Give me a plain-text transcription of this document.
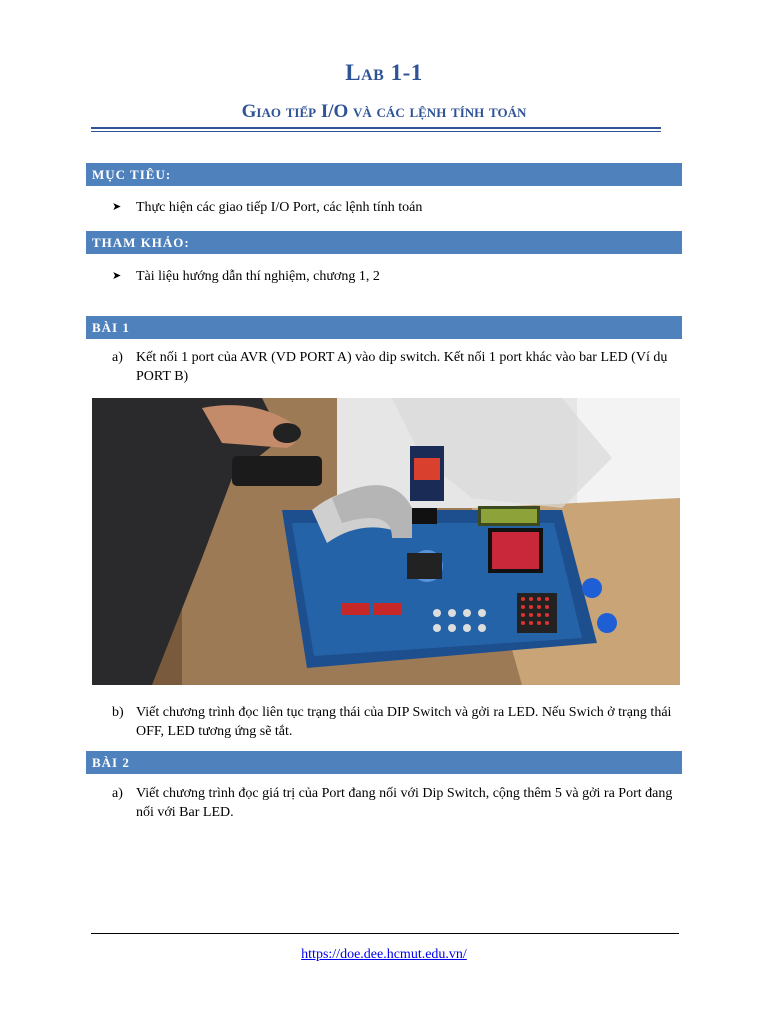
Lab 1-1
Giao tiếp I/O và các lệnh tính toán
MỤC TIÊU:
➤ Thực hiện các giao tiếp I/O Port, các lệnh tính toán
THAM KHẢO:
➤ Tài liệu hướng dẫn thí nghiệm, chương 1, 2
BÀI 1
a) Kết nối 1 port của AVR (VD PORT A) vào dip switch. Kết nối 1 port khác vào bar LED (Ví dụ PORT B)
b) Viết chương trình đọc liên tục trạng thái của DIP Switch và gởi ra LED. Nếu Swich ở trạng thái OFF, LED tương ứng sẽ tắt.
BÀI 2
a) Viết chương trình đọc giá trị của Port đang nối với Dip Switch, cộng thêm 5 và gởi ra Port đang nối với Bar LED.
https://doe.dee.hcmut.edu.vn/
